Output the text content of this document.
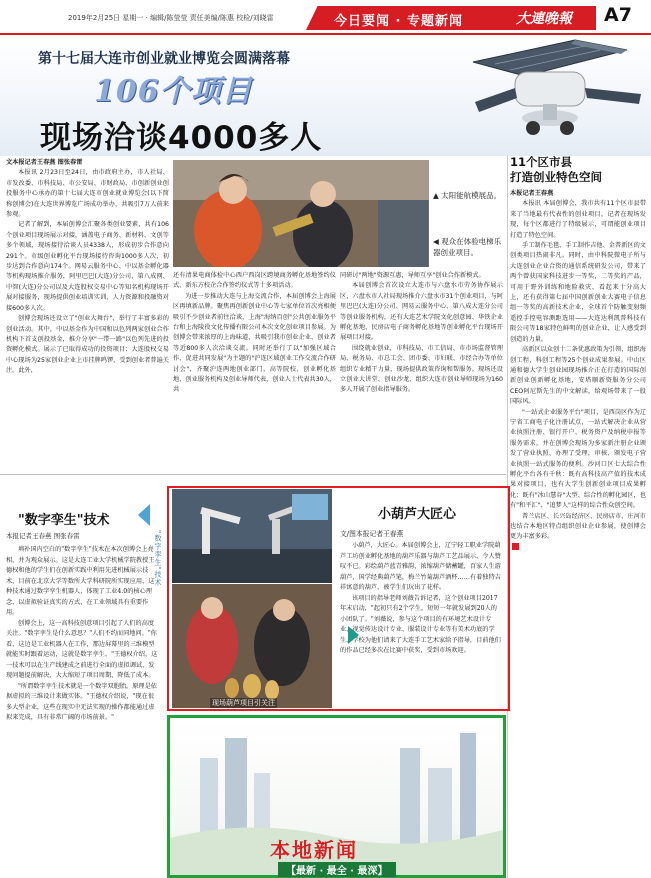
2019年2月25日 星期一 · 编辑/陈莹莹 责任美编/陈惠 校检/刘晓雷	今日要闻 · 专题新闻	大連晚報 A7
第十七届大连市创业就业博览会圆满落幕
106个项目
现场洽谈4000多人

文本报记者王春燕 图张春雷

本报讯 2月23日至24日，由市政府主办，市人社局、市发改委、市科技局、市公安局、市财政局、市创新创业创投服务中心承办的第十七届大连市创业就业博览会(以下简称创博会)在大连世界博览广场成功举办，共吸引7万人前来参观。

记者了解到，本届创博会汇聚各类创业要素，共有106个创业项目现场展示对接，涵盖电子商务、新材料、文创等多个领域，现场接待洽谈人员4338人，形成初步合作意向291个。市级创业孵化平台现场接待咨询1000多人次，初步达到合作意向174个。网易云服务中心、中以基金孵化器等机构现场推介服务，阿里巴巴(大连)分公司、第八成网、中智(大连)分公司以及大连股权交易中心等知名机构现场开展对接服务，现场提供创业培训实训、人力资源和投融资对接600多人次。

创博会现场还设立了"创业大舞台"，举行了丰富多彩的创业活动。其中，中以基金作为中国和以色列两家创业合作机构下首支创投基金，推介分享"一带一路"以色列先进的投资孵化模式。展示了已取得成功的投资项目；大连股权交易中心现场为25家创业企业上市挂牌鸣锣，受到创业者普遍关注。此外，

▲ 太阳能航模展品。
◀ 观众在体验电梯乐器创业项目。

还有清果电商体检中心西户西岗区跨境商务孵化基地签约仪式、新东方校企合作签约仪式等十多项活动。

为进一步推动大连与上海交流合作，本届创博会上海展区再填新品牌。聚焦再创新创业中心等七家单位首次亮相便吸引不少创业者前往洽谈，上海"海纳百创"公共创业服务平台和上海陵役文化传播有限公司本次文化创业项目参展。为创博会带来浓厚的上海味道，共吸引我市创业企业、创业者等近800多人次洽谈交流。同时还举行了以"加强区域合作，促进共同发展"为主题的"沪连区域创业工作交流合作研讨会"，齐聚沪连两地创业部门，高等院校、创业孵化基地、创业服务机构及创业导师代表，创业人士代表共30人，共

同研讨"两地"资源互惠，导师互享"创业合作新模式。

本届创博会首次设立大连市与六盘水市劳务协作展示区，六盘水市人社局现场推介六盘水市31个创业项目，与阿里巴巴(大连)分公司、网易云服务中心、第八成大连分公司等创业服务机构，还有大连艺术学院文化创意园、华铁企业孵化基地、民房店电子商务孵化基地等创业孵化平台现场开展项目对接。

围绕就业创业，市科技局、市工信局、市市场监督管理局、税务局、市总工会、团市委、市妇联、市经合办等单位组织专业精干力量，现场提供政策咨询和帮服务。现场还设立创业大讲堂、创业沙龙，组织大连市创业导师现场为160多人开展了创业指导服务。

11个区市县

打造创业特色空间

本报记者王春燕

本报讯 本届创博会，我市共有11个区市县带来了当地最有代表性的创业项目，记者在现场发现，每个区都进行了特级展示，可谓能创业项目打造了特色空间。

手工制作毛毯、手工制作吉他、金普新区的文创类项目热闹非凡。同时，由中科院微电子所与大连创业企业合资的通信系统研发公司，带来了两个曾获国家科技进步一等奖，二等奖的产品，可用于野外训练和地险救灾，看起来十分高大上，还有获得第七届中国创新创业大赛电子信息组一等奖的高新技术企业，全球首个防触变射频遥控手控电容测距选用——大连达利凯普科技有限公司等18家特色鲜明的创业企业，让人感受到创造的力量。

高新区以众创十二条优惠政策为引领，组织海创工程，科创工程等25个创业成果参展。中山区通和德大学生创业园现场推介正在打造的国际创新创业创新孵化基地，安塔顺新资服务分公司CEO阿尼斯先生的中文解读，给观场带来了一股国际风。

"一站式企业服务平台"项目，是西岗区作为辽宁省工商电子化注册试点，一站式解决企业从营业执照注册、银行开户、税务资户及纳税申报等服务需求，并在创博会现场为多家新注册企业颁发了营业执照，办理了受理，审核、颁发电子营业执照一站式服务的便利。沙河口区七大综合性孵化平台各有千秋：既有高科技高产值的技术成果对接项目，也有大学生创新创业项目成果孵化；既有"冰山慧谷"大型、综合性的孵化园区，也有"和平汇"、"追梦人"这样的综合性众创空间。

普兰店区、长兴岛经济区、民房店市、庄河市也结合本地区特点组织创业企业参展，使创博会更为丰富多彩。

"数字孪生"技术
本报记者王春燕 图张春雷	"数字孪生"技术

填补国内空白的"数字孪生"技术在本次创博会上亮相，并为观众展示。这是大连工业大学机械学院教授王德权和他的学生们在创新实践中利用先进机械展示技术，目前在北京大学等数所大学科研院所实现应用，这种技术通过数字孪生机器人，体现了工业4.0的核心理念，以虚拟验证真实的方式，在工业领域具有重要作用。

创博会上，这一高科技创意项目引起了人们的高度关注。"数字孪生是什么意思？"人们不约而同地问。"你看，这边是工业机器人在工作，那边屏幕里的三维模型就能实时跟着运动，这就是数字孪生。"王德权介绍，这一技术可以在生产线建成之前进行全面的虚拟调试，发现问题提前解决，大大缩短了项目周期，降低了成本。

"所谓数字孪生技术就是一个数字双胞胎，原理是依据虚拟的三维设计来做实体。"王德权介绍说，"现在很多大型企业，这些在现实中无法实现的操作都能通过虚拟来完成，具有非常广阔的市场前景。"

现场葫芦项目引关注
小葫芦大匠心
文/图本报记者王春燕

小葫芦，大匠心。本届创博会上，辽宁轻工职业学院葫芦工坊创业孵化基地的葫芦乐器与葫芦工艺品展示，令人赞叹不已。彩绘葫芦蓝青雅韵，浓缩葫芦储蓄罐，百家人生游葫芦，国学经典葫芦笔，梅兰竹菊葫芦酒杯……有着独特吉祥寓意的葫芦，被学生们玩出了花样。

该项目的指导老师刘薇告诉记者，这个创业项目2017年末启动，"起初只有2个学生，短短一年就发展到20人的小团队了。"刘薇说，参与这个项目的有环境艺术设计专业、视觉传达设计专业、服装设计专业等有美术功底的学生，学校为他们请来了大连手工艺术家给予指导，目前他们的作品已经多次在比赛中获奖，受到市场欢迎。

本地新闻
【最新 · 最全 · 最深】
